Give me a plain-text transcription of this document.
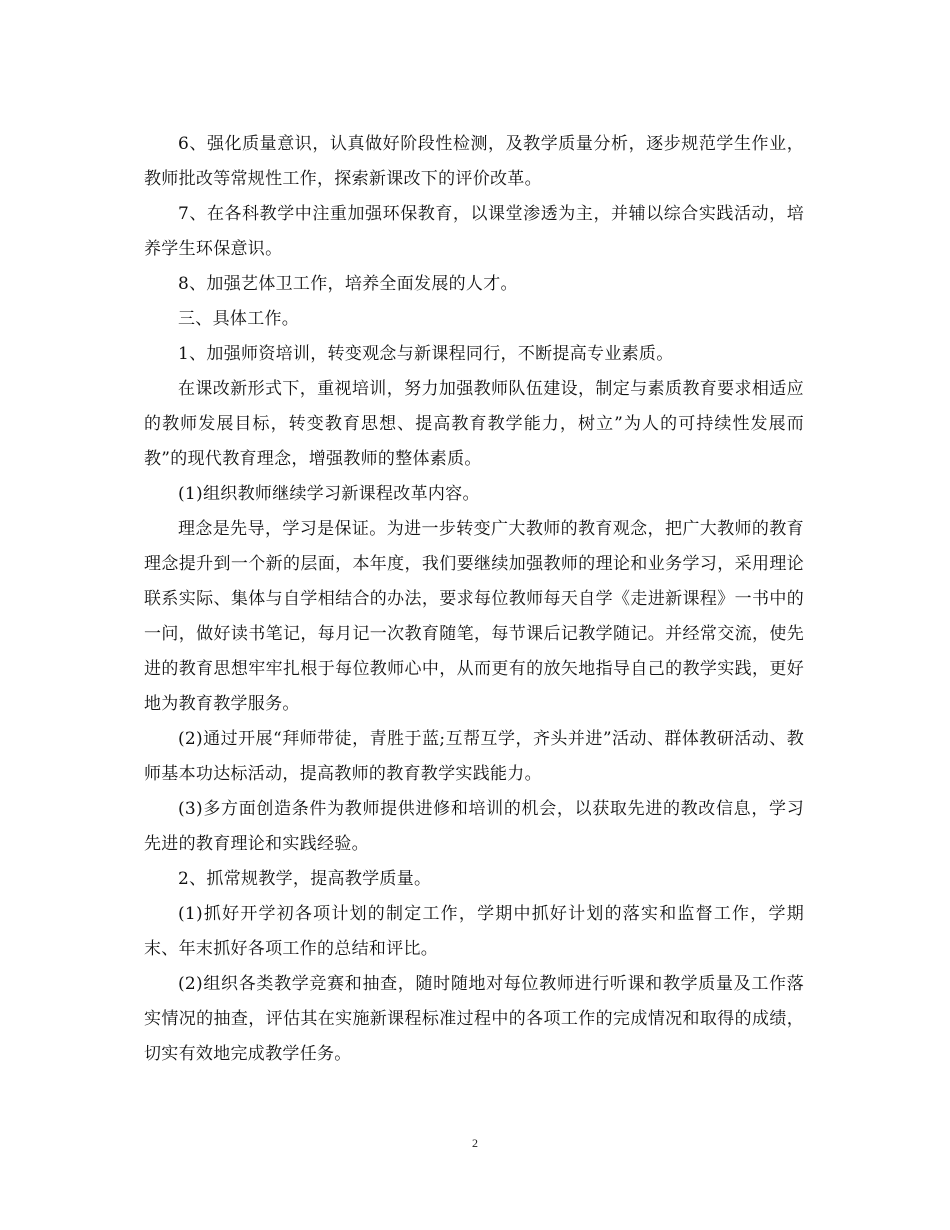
6、强化质量意识，认真做好阶段性检测，及教学质量分析，逐步规范学生作业，教师批改等常规性工作，探索新课改下的评价改革。

7、在各科教学中注重加强环保教育，以课堂渗透为主，并辅以综合实践活动，培养学生环保意识。

8、加强艺体卫工作，培养全面发展的人才。

三、具体工作。

1、加强师资培训，转变观念与新课程同行，不断提高专业素质。

在课改新形式下，重视培训，努力加强教师队伍建设，制定与素质教育要求相适应的教师发展目标，转变教育思想、提高教育教学能力，树立”为人的可持续性发展而教”的现代教育理念，增强教师的整体素质。

(1)组织教师继续学习新课程改革内容。

理念是先导，学习是保证。为进一步转变广大教师的教育观念，把广大教师的教育理念提升到一个新的层面，本年度，我们要继续加强教师的理论和业务学习，采用理论联系实际、集体与自学相结合的办法，要求每位教师每天自学《走进新课程》一书中的一问，做好读书笔记，每月记一次教育随笔，每节课后记教学随记。并经常交流，使先进的教育思想牢牢扎根于每位教师心中，从而更有的放矢地指导自己的教学实践，更好地为教育教学服务。

(2)通过开展“拜师带徒，青胜于蓝;互帮互学，齐头并进”活动、群体教研活动、教师基本功达标活动，提高教师的教育教学实践能力。

(3)多方面创造条件为教师提供进修和培训的机会，以获取先进的教改信息，学习先进的教育理论和实践经验。

2、抓常规教学，提高教学质量。

(1)抓好开学初各项计划的制定工作，学期中抓好计划的落实和监督工作，学期末、年末抓好各项工作的总结和评比。

(2)组织各类教学竞赛和抽查，随时随地对每位教师进行听课和教学质量及工作落实情况的抽查，评估其在实施新课程标准过程中的各项工作的完成情况和取得的成绩，切实有效地完成教学任务。

2
